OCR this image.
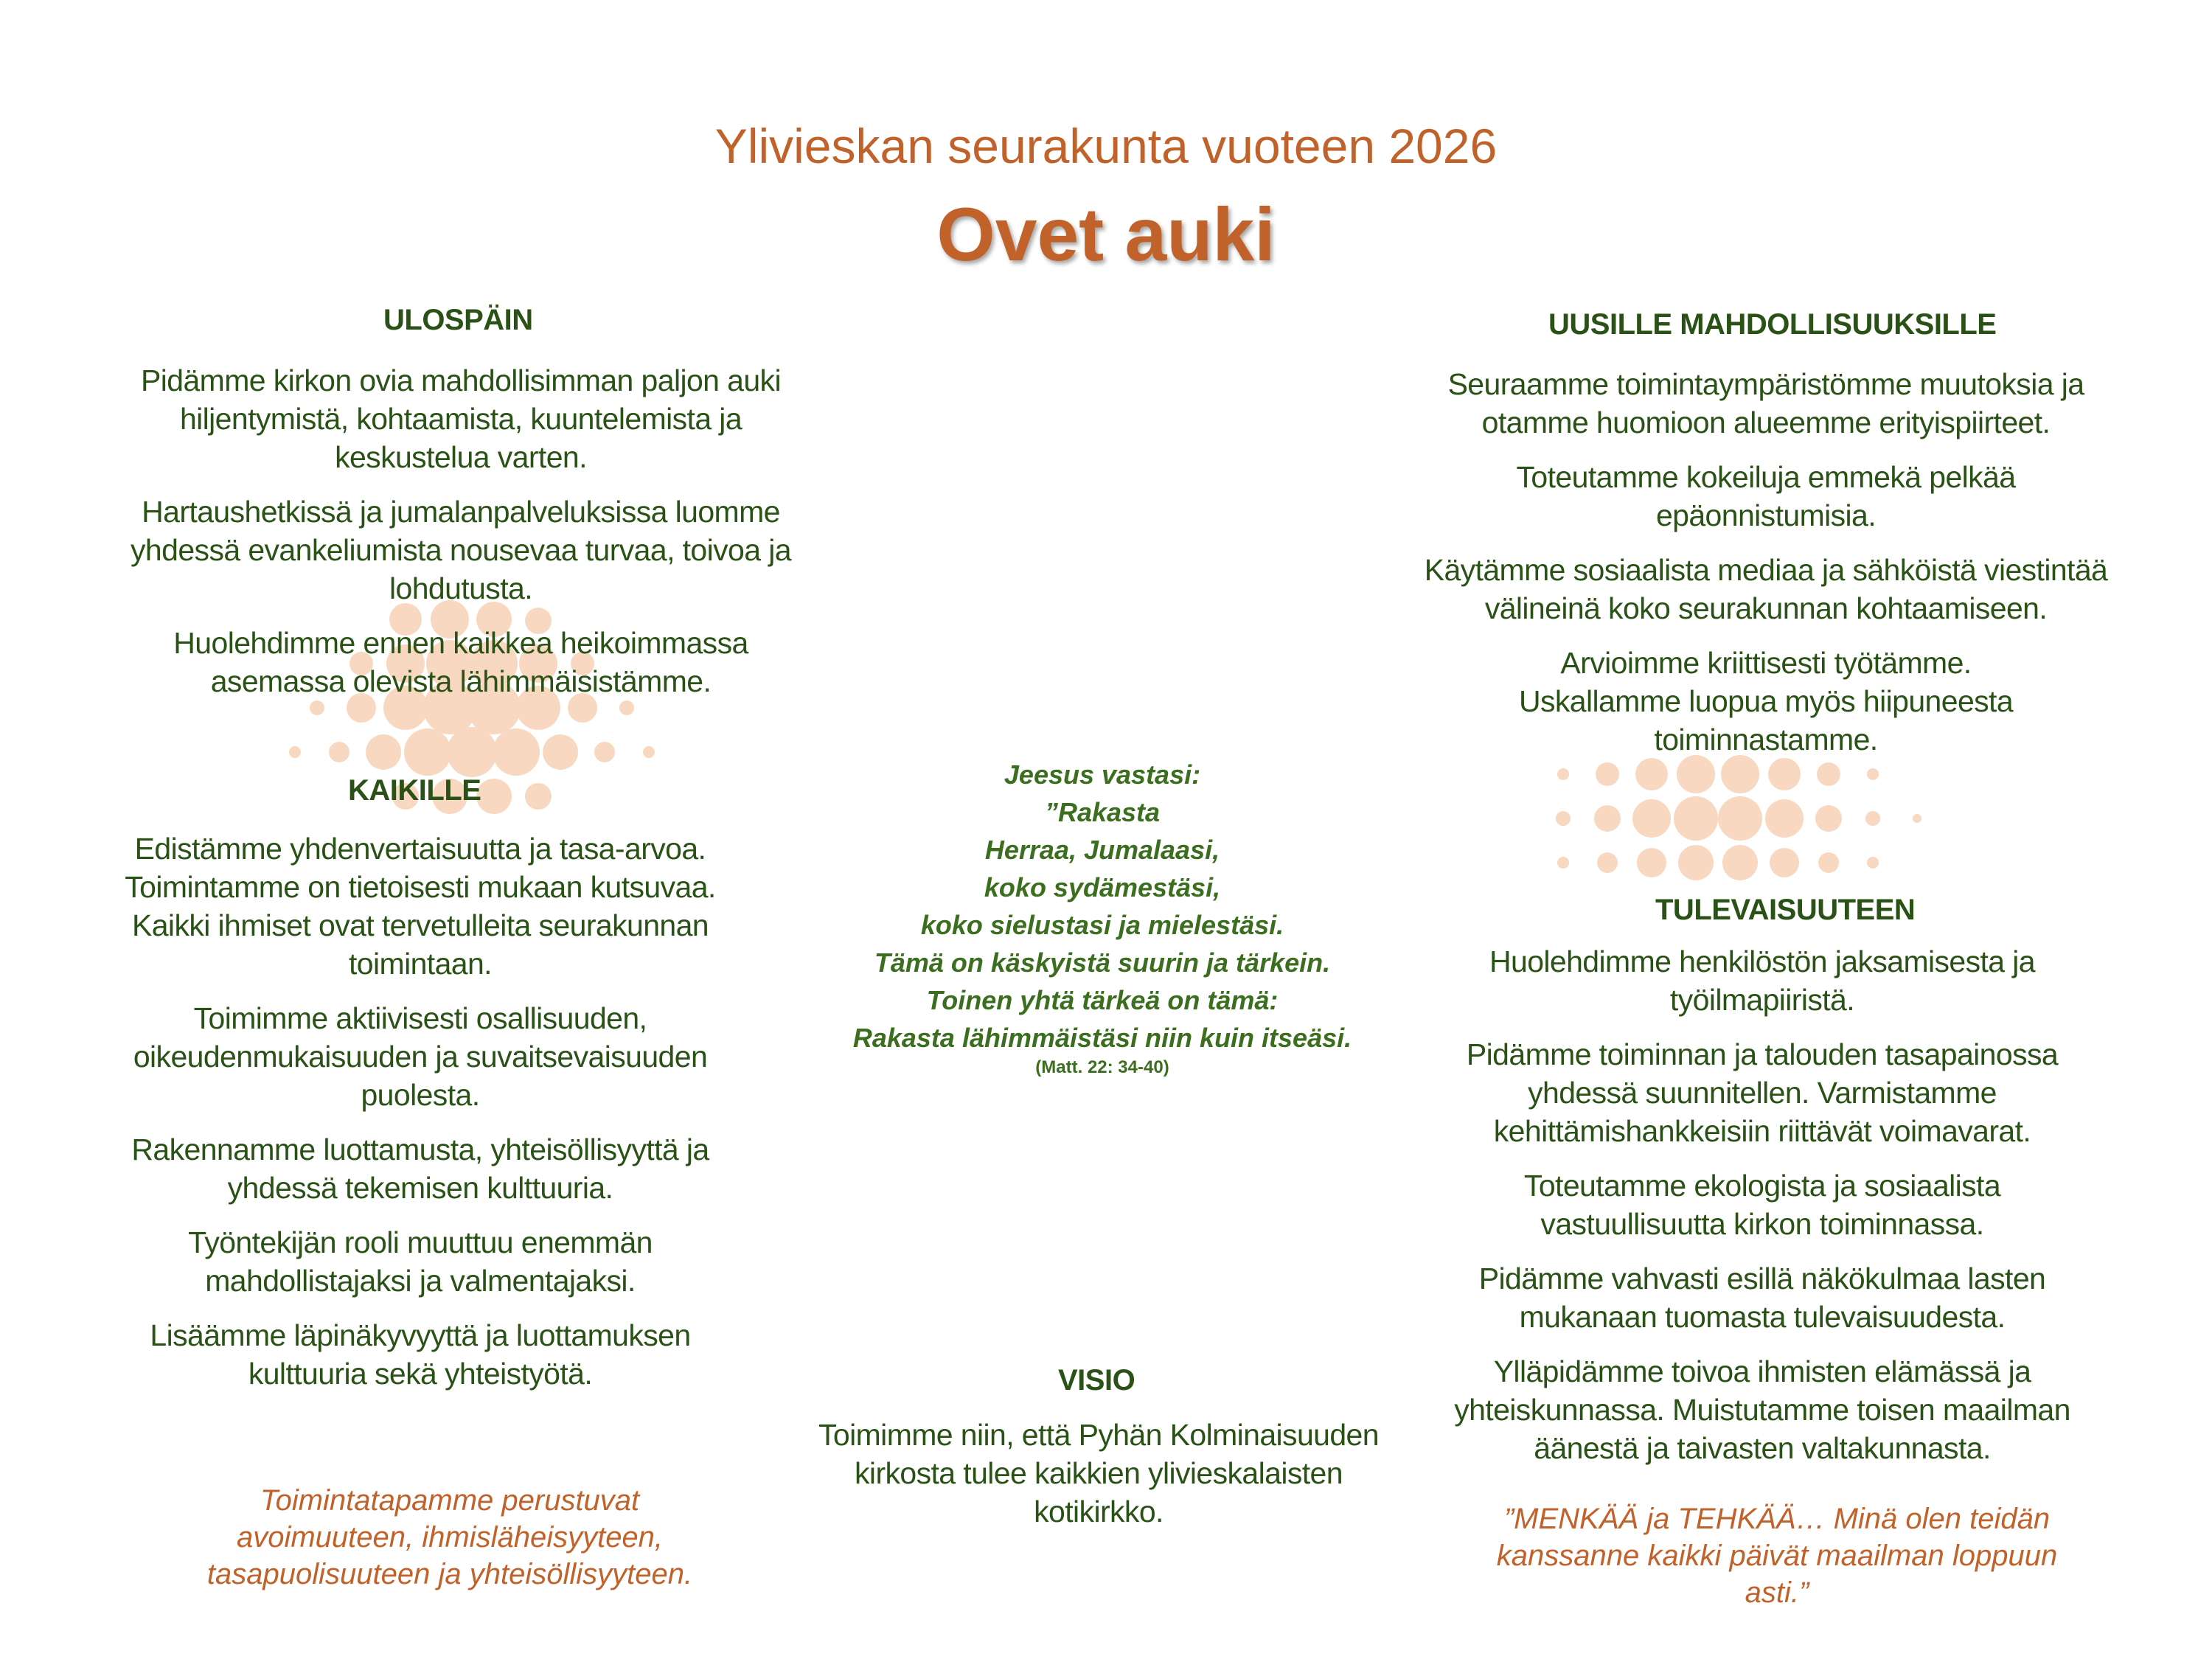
Ylivieskan seurakunta vuoteen 2026
Ovet auki
Jeesus vastasi:
”Rakasta
Herraa, Jumalaasi,
koko sydämestäsi,
koko sielustasi ja mielestäsi.
Tämä on käskyistä suurin ja tärkein.
Toinen yhtä tärkeä on tämä:
Rakasta lähimmäistäsi niin kuin itseäsi.
(Matt. 22: 34-40)
ULOSPÄIN

Pidämme kirkon ovia mahdollisimman paljon auki
hiljentymistä, kohtaamista, kuuntelemista ja
keskustelua varten.

Hartaushetkissä ja jumalanpalveluksissa luomme
yhdessä evankeliumista nousevaa turvaa, toivoa ja
lohdutusta.

Huolehdimme ennen kaikkea heikoimmassa
asemassa olevista lähimmäisistämme.

KAIKILLE

Edistämme yhdenvertaisuutta ja tasa-arvoa.
Toimintamme on tietoisesti mukaan kutsuvaa.
Kaikki ihmiset ovat tervetulleita seurakunnan
toimintaan.

Toimimme aktiivisesti osallisuuden,
oikeudenmukaisuuden ja suvaitsevaisuuden
puolesta.

Rakennamme luottamusta, yhteisöllisyyttä ja
yhdessä tekemisen kulttuuria.

Työntekijän rooli muuttuu enemmän
mahdollistajaksi ja valmentajaksi.

Lisäämme läpinäkyvyyttä ja luottamuksen
kulttuuria sekä yhteistyötä.

Toimintatapamme perustuvat
avoimuuteen, ihmisläheisyyteen,
tasapuolisuuteen ja yhteisöllisyyteen.
UUSILLE MAHDOLLISUUKSILLE

Seuraamme toimintaympäristömme muutoksia ja
otamme huomioon alueemme erityispiirteet.

Toteutamme kokeiluja emmekä pelkää
epäonnistumisia.

Käytämme sosiaalista mediaa ja sähköistä viestintää
välineinä koko seurakunnan kohtaamiseen.

Arvioimme kriittisesti työtämme.
Uskallamme luopua myös hiipuneesta
toiminnastamme.

TULEVAISUUTEEN

Huolehdimme henkilöstön jaksamisesta ja
työilmapiiristä.

Pidämme toiminnan ja talouden tasapainossa
yhdessä suunnitellen. Varmistamme
kehittämishankkeisiin riittävät voimavarat.

Toteutamme ekologista ja sosiaalista
vastuullisuutta kirkon toiminnassa.

Pidämme vahvasti esillä näkökulmaa lasten
mukanaan tuomasta tulevaisuudesta.

Ylläpidämme toivoa ihmisten elämässä ja
yhteiskunnassa. Muistutamme toisen maailman
äänestä ja taivasten valtakunnasta.

”MENKÄÄ ja TEHKÄÄ… Minä olen teidän
kanssanne kaikki päivät maailman loppuun
asti.”
VISIO

Toimimme niin, että Pyhän Kolminaisuuden
kirkosta tulee kaikkien ylivieskalaisten
kotikirkko.
